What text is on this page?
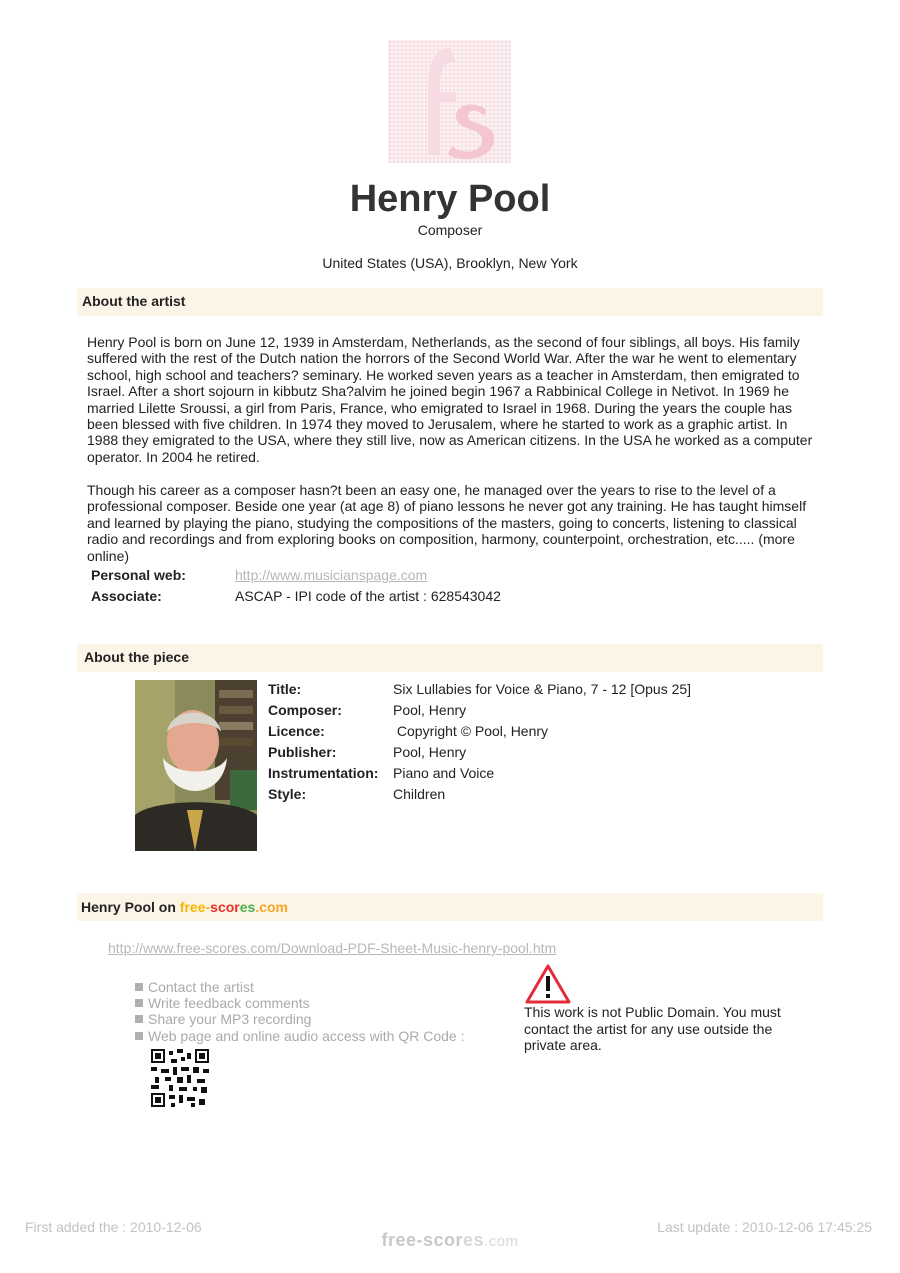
Henry Pool
Composer
United States (USA), Brooklyn, New York
About the artist
Henry Pool is born on June 12, 1939 in Amsterdam, Netherlands, as the second of four siblings, all boys. His family suffered with the rest of the Dutch nation the horrors of the Second World War. After the war he went to elementary school, high school and teachers? seminary. He worked seven years as a teacher in Amsterdam, then emigrated to Israel. After a short sojourn in kibbutz Sha?alvim he joined begin 1967 a Rabbinical College in Netivot. In 1969 he married Lilette Sroussi, a girl from Paris, France, who emigrated to Israel in 1968. During the years the couple has been blessed with five children. In 1974 they moved to Jerusalem, where he started to work as a graphic artist. In 1988 they emigrated to the USA, where they still live, now as American citizens. In the USA he worked as a computer operator. In 2004 he retired.
Though his career as a composer hasn?t been an easy one, he managed over the years to rise to the level of a professional composer. Beside one year (at age 8) of piano lessons he never got any training. He has taught himself and learned by playing the piano, studying the compositions of the masters, going to concerts, listening to classical radio and recordings and from exploring books on composition, harmony, counterpoint, orchestration, etc..... (more online)
Personal web:	http://www.musicianspage.com
Associate:	ASCAP - IPI code of the artist : 628543042
About the piece
Title:	Six Lullabies for Voice & Piano, 7 - 12 [Opus 25]
Composer:	Pool, Henry
Licence:	Copyright © Pool, Henry
Publisher:	Pool, Henry
Instrumentation: Piano and Voice
Style:	Children
Henry Pool on free-scores.com
http://www.free-scores.com/Download-PDF-Sheet-Music-henry-pool.htm
Contact the artist
Write feedback comments
Share your MP3 recording
Web page and online audio access with QR Code :
This work is not Public Domain. You must contact the artist for any use outside the private area.
First added the : 2010-12-06	Last update : 2010-12-06 17:45:25
free-scores.com
